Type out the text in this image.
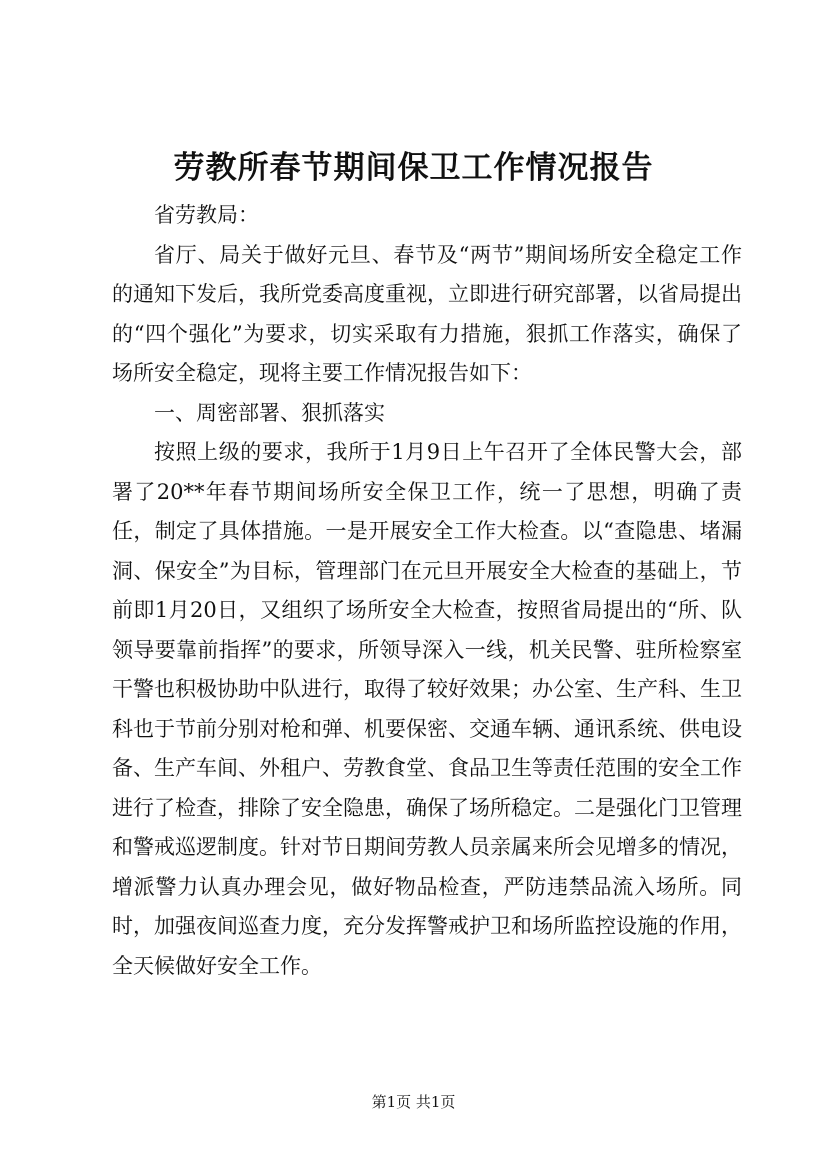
劳教所春节期间保卫工作情况报告

省劳教局：

省厅、局关于做好元旦、春节及“两节”期间场所安全稳定工作的通知下发后，我所党委高度重视，立即进行研究部署，以省局提出的“四个强化”为要求，切实采取有力措施，狠抓工作落实，确保了场所安全稳定，现将主要工作情况报告如下：

一、周密部署、狠抓落实

按照上级的要求，我所于1月9日上午召开了全体民警大会，部署了20**年春节期间场所安全保卫工作，统一了思想，明确了责任，制定了具体措施。一是开展安全工作大检查。以“查隐患、堵漏洞、保安全”为目标，管理部门在元旦开展安全大检查的基础上，节前即1月20日，又组织了场所安全大检查，按照省局提出的“所、队领导要靠前指挥”的要求，所领导深入一线，机关民警、驻所检察室干警也积极协助中队进行，取得了较好效果；办公室、生产科、生卫科也于节前分别对枪和弹、机要保密、交通车辆、通讯系统、供电设备、生产车间、外租户、劳教食堂、食品卫生等责任范围的安全工作进行了检查，排除了安全隐患，确保了场所稳定。二是强化门卫管理和警戒巡逻制度。针对节日期间劳教人员亲属来所会见增多的情况，增派警力认真办理会见，做好物品检查，严防违禁品流入场所。同时，加强夜间巡查力度，充分发挥警戒护卫和场所监控设施的作用，全天候做好安全工作。

第1页 共1页
